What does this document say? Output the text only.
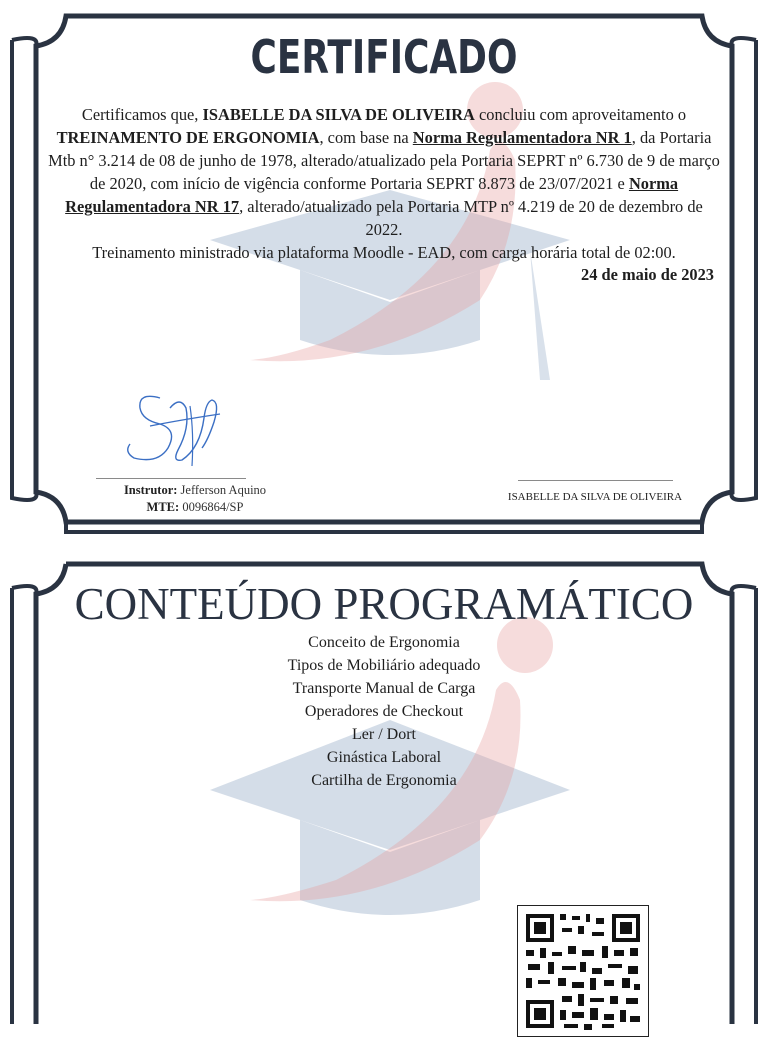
CERTIFICADO
Certificamos que, ISABELLE DA SILVA DE OLIVEIRA concluiu com aproveitamento o TREINAMENTO DE ERGONOMIA, com base na Norma Regulamentadora NR 1, da Portaria Mtb n° 3.214 de 08 de junho de 1978, alterado/atualizado pela Portaria SEPRT nº 6.730 de 9 de março de 2020, com início de vigência conforme Portaria SEPRT 8.873 de 23/07/2021 e Norma Regulamentadora NR 17, alterado/atualizado pela Portaria MTP nº 4.219 de 20 de dezembro de 2022.
Treinamento ministrado via plataforma Moodle - EAD, com carga horária total de 02:00.
24 de maio de 2023
Instrutor: Jefferson Aquino
MTE: 0096864/SP
ISABELLE DA SILVA DE OLIVEIRA
CONTEÚDO PROGRAMÁTICO
Conceito de Ergonomia
Tipos de Mobiliário adequado
Transporte Manual de Carga
Operadores de Checkout
Ler / Dort
Ginástica Laboral
Cartilha de Ergonomia
